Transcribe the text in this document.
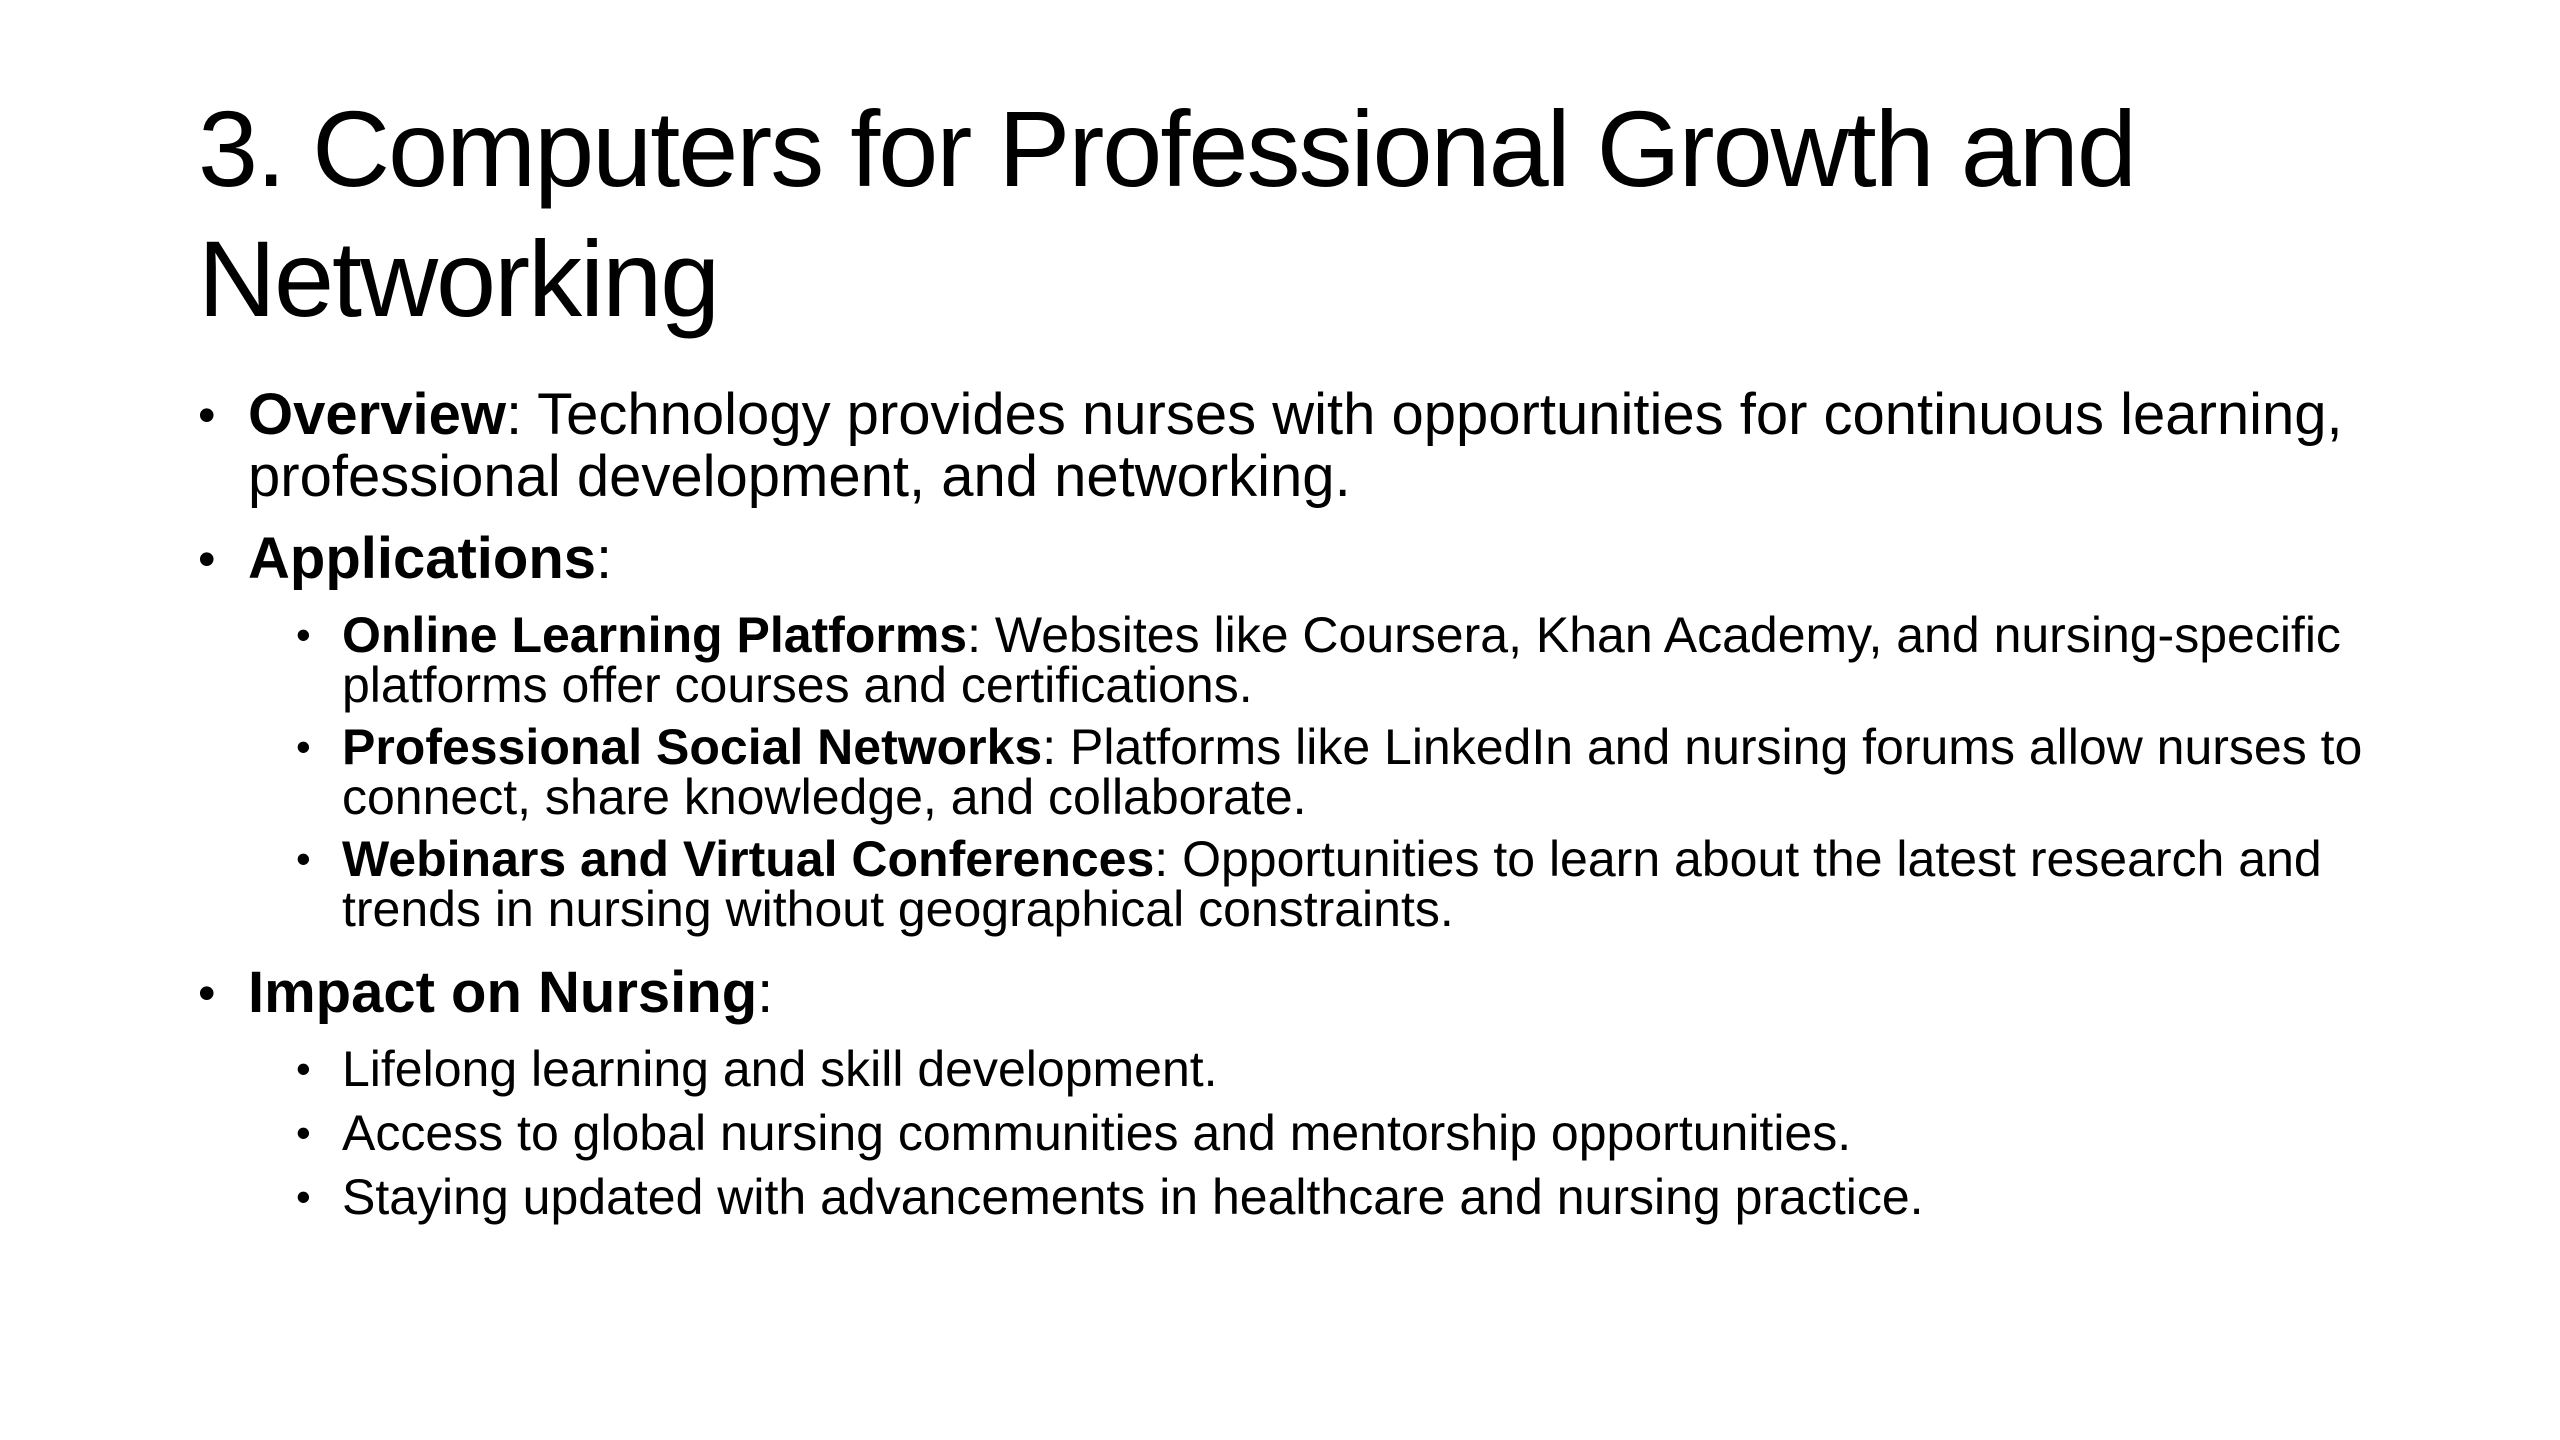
3. Computers for Professional Growth and Networking
• Overview: Technology provides nurses with opportunities for continuous learning, professional development, and networking.
• Applications:
• Online Learning Platforms: Websites like Coursera, Khan Academy, and nursing-specific platforms offer courses and certifications.
• Professional Social Networks: Platforms like LinkedIn and nursing forums allow nurses to connect, share knowledge, and collaborate.
• Webinars and Virtual Conferences: Opportunities to learn about the latest research and trends in nursing without geographical constraints.
• Impact on Nursing:
• Lifelong learning and skill development.
• Access to global nursing communities and mentorship opportunities.
• Staying updated with advancements in healthcare and nursing practice.
